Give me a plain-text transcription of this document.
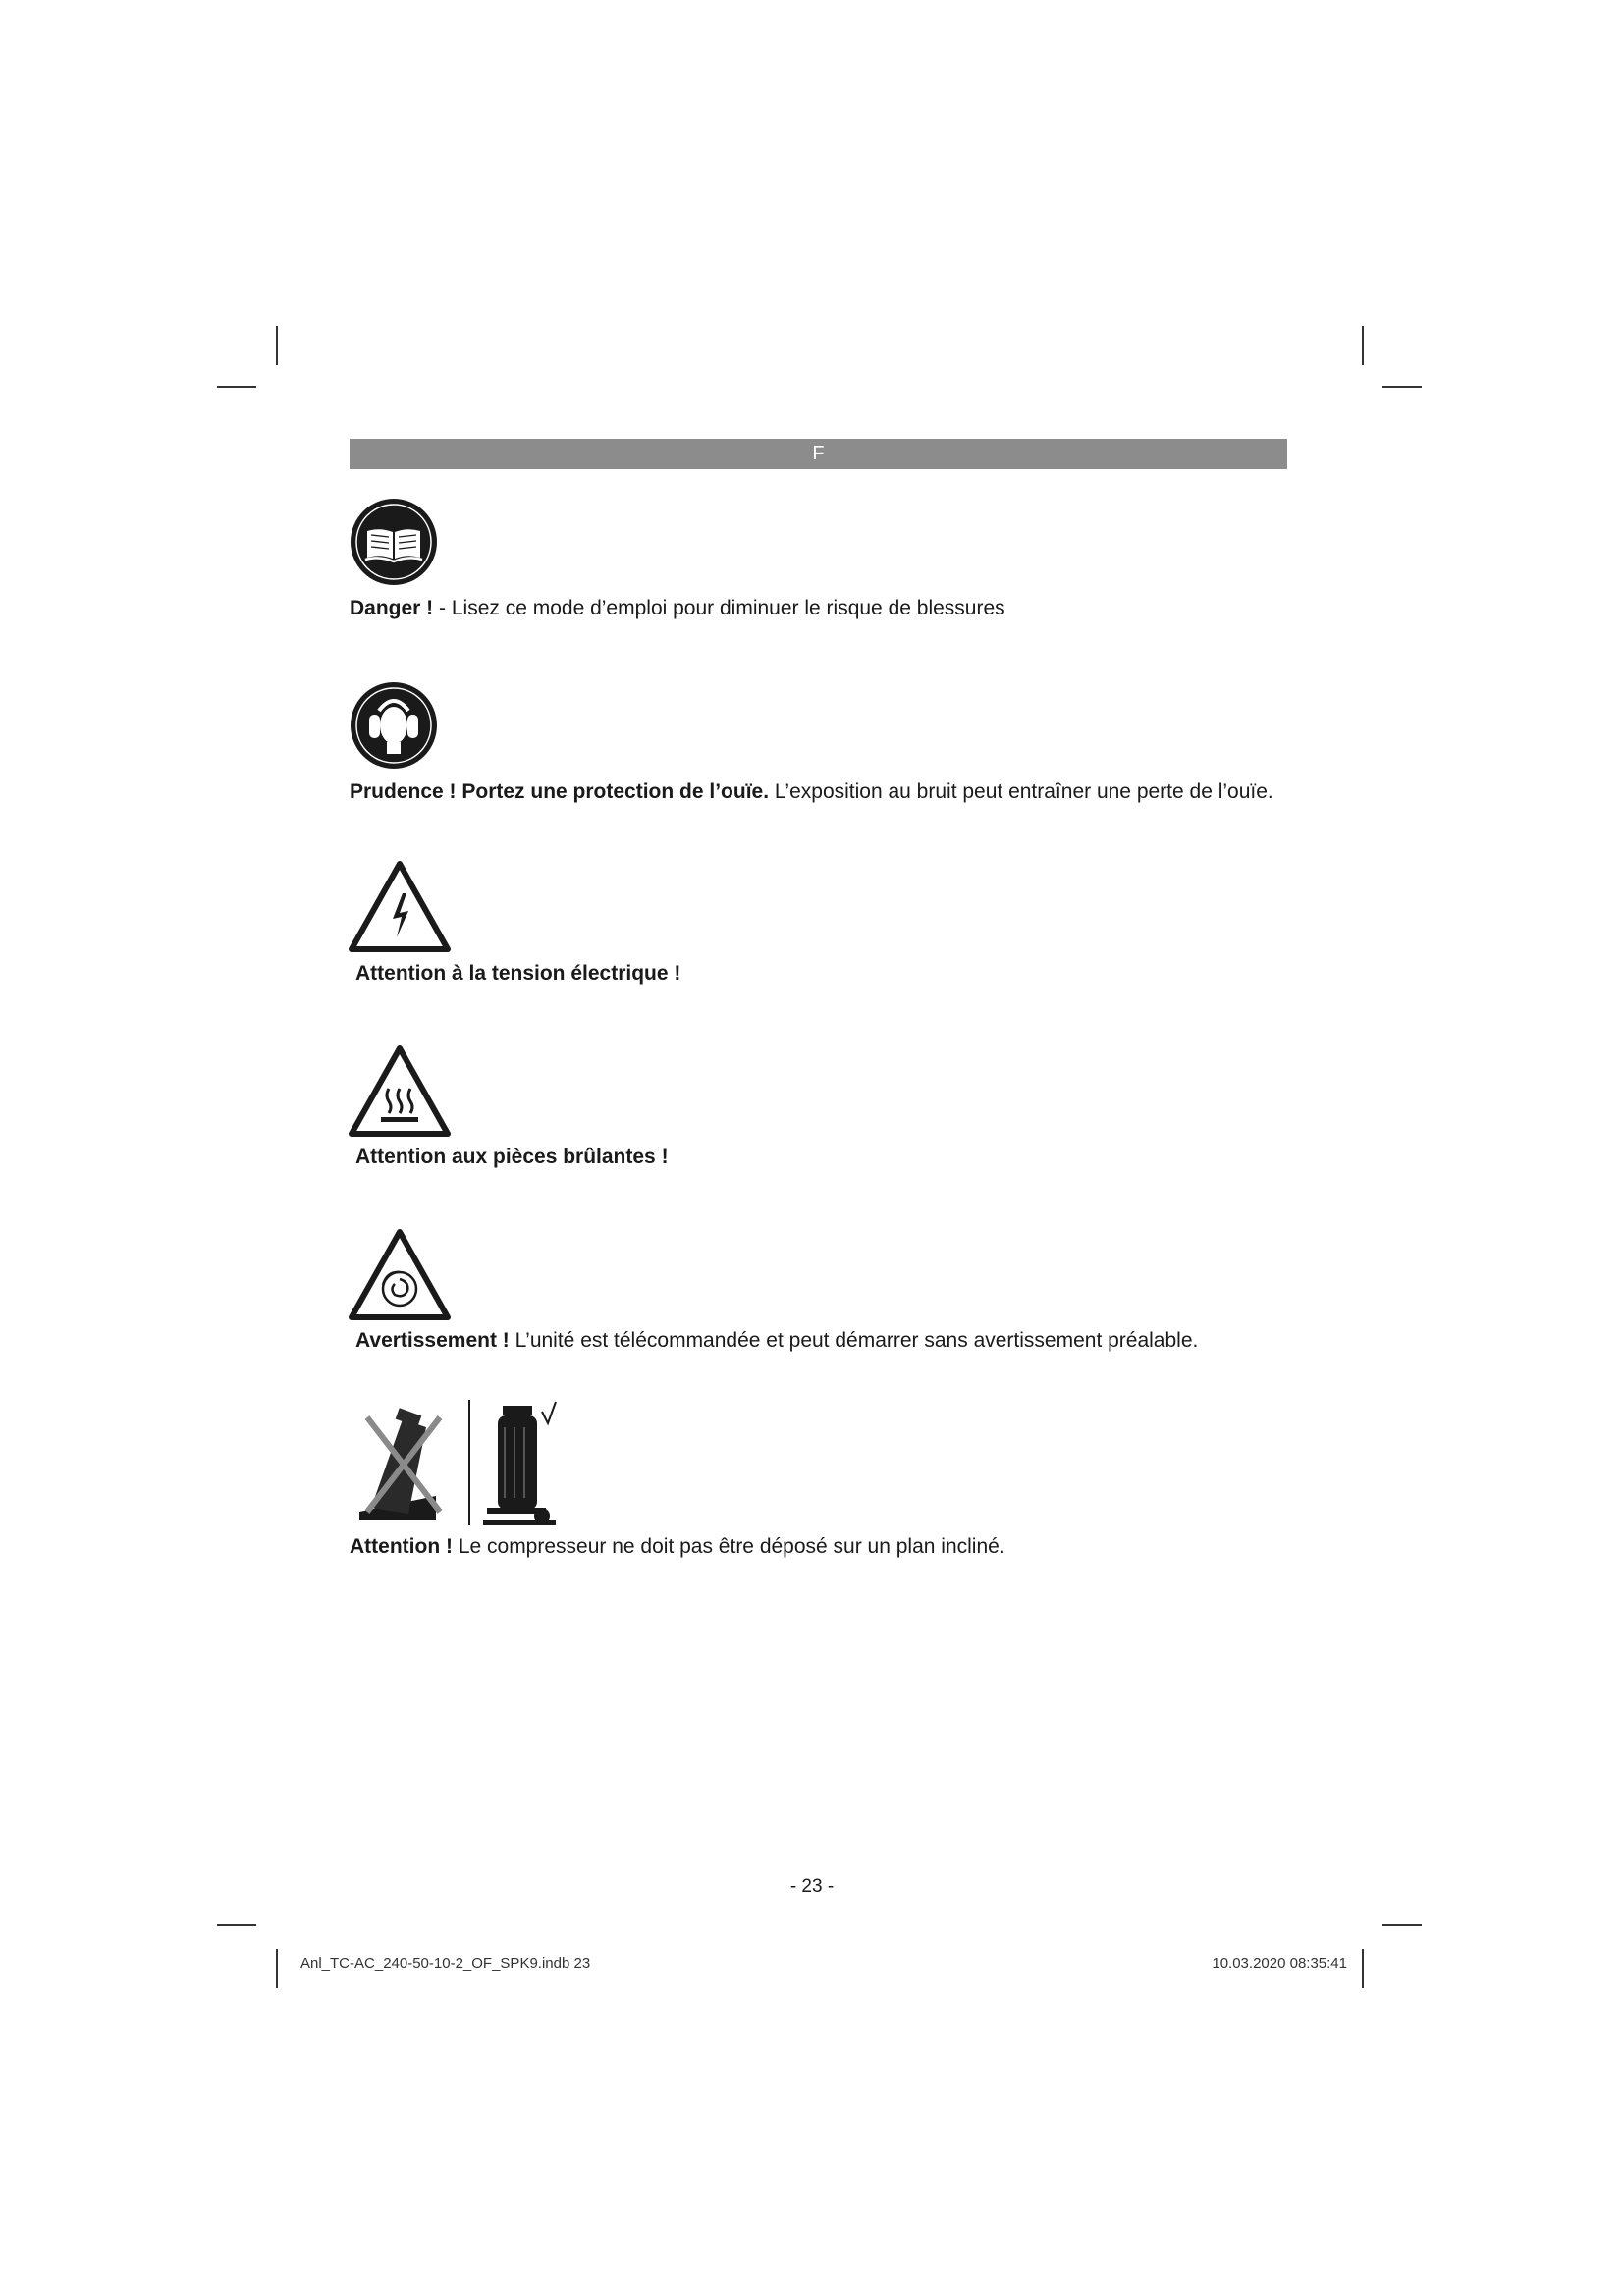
F
Danger ! - Lisez ce mode d’emploi pour diminuer le risque de blessures
Prudence ! Portez une protection de l’ouïe. L’exposition au bruit peut entraîner une perte de l’ouïe.
Attention à la tension électrique !
Attention aux pièces brûlantes !
Avertissement ! L’unité est télécommandée et peut démarrer sans avertissement préalable.
Attention ! Le compresseur ne doit pas être déposé sur un plan incliné.
- 23 -
Anl_TC-AC_240-50-10-2_OF_SPK9.indb 23	10.03.2020 08:35:41
